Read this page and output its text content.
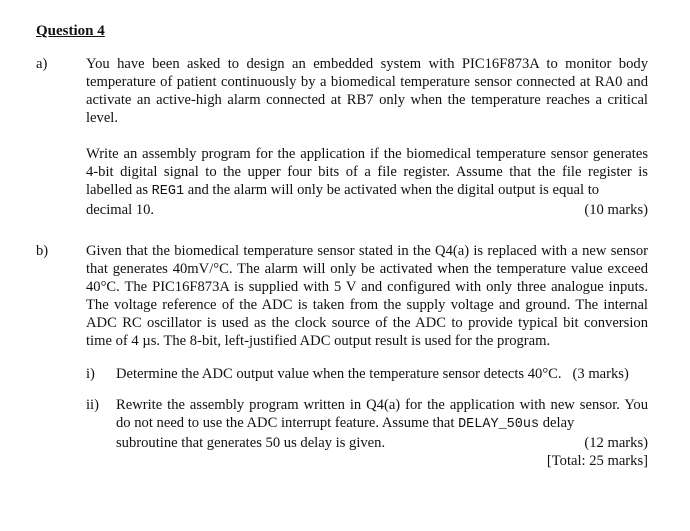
Question 4
a)	You have been asked to design an embedded system with PIC16F873A to monitor body temperature of patient continuously by a biomedical temperature sensor connected at RA0 and activate an active-high alarm connected at RB7 only when the temperature reaches a critical level.

Write an assembly program for the application if the biomedical temperature sensor generates 4-bit digital signal to the upper four bits of a file register. Assume that the file register is labelled as REG1 and the alarm will only be activated when the digital output is equal to

decimal 10.	(10 marks)
b)	Given that the biomedical temperature sensor stated in the Q4(a) is replaced with a new sensor that generates 40mV/°C. The alarm will only be activated when the temperature value exceed 40°C. The PIC16F873A is supplied with 5 V and configured with only three analogue inputs. The voltage reference of the ADC is taken from the supply voltage and ground. The internal ADC RC oscillator is used as the clock source of the ADC to provide typical bit conversion time of 4 µs. The 8-bit, left-justified ADC output result is used for the program.

i) Determine the ADC output value when the temperature sensor detects 40°C. (3 marks)
ii) Rewrite the assembly program written in Q4(a) for the application with new sensor. You do not need to use the ADC interrupt feature. Assume that DELAY_50us delay

subroutine that generates 50 us delay is given.	(12 marks)
[Total: 25 marks]
